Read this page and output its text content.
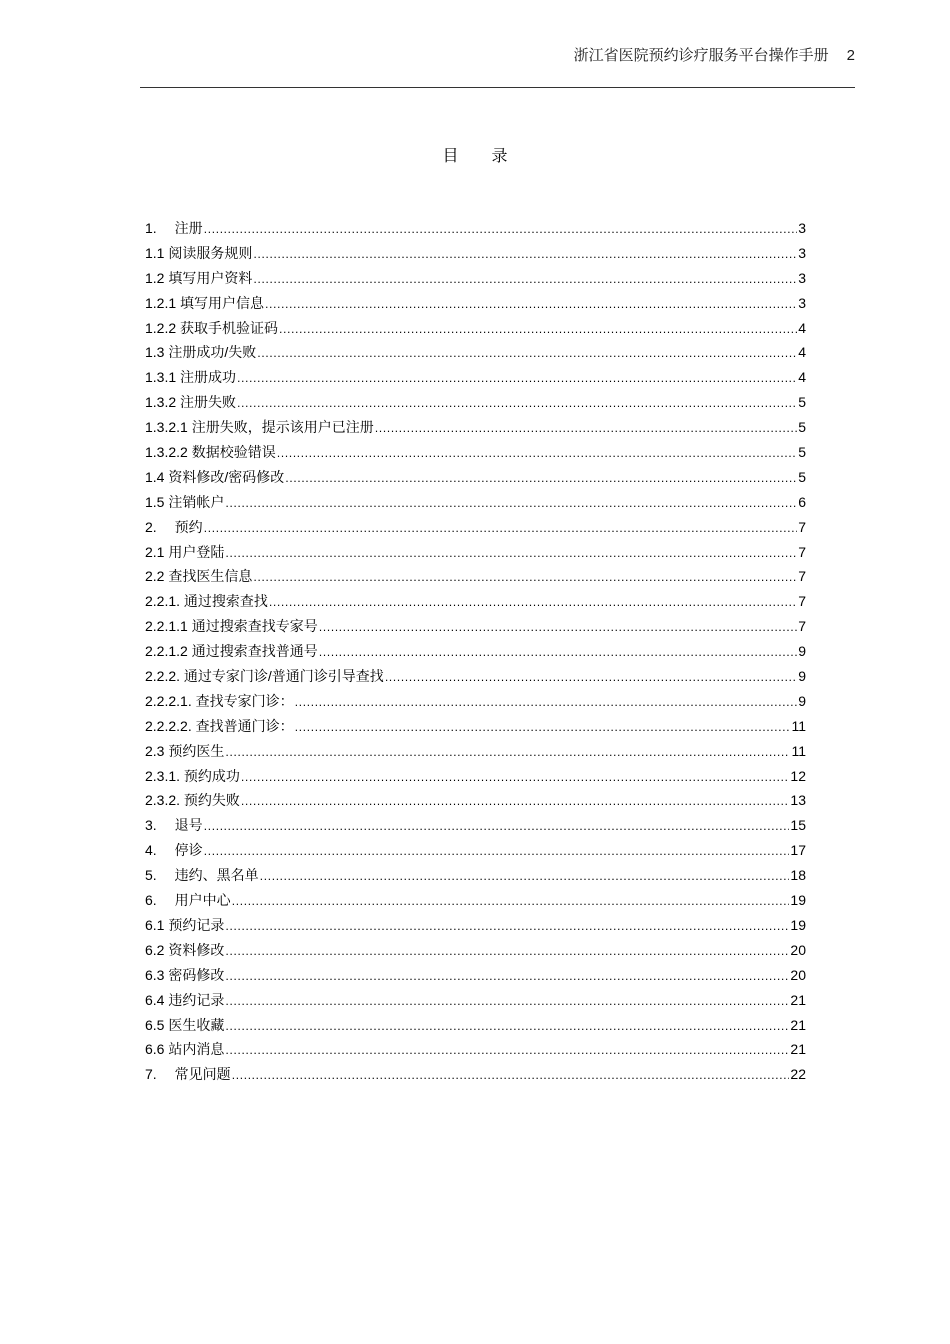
浙江省医院预约诊疗服务平台操作手册 2
目 录
1.　 注册 .....	3
1.1 阅读服务规则 .....	3
1.2 填写用户资料 .....	3
1.2.1 填写用户信息 .....	3
1.2.2 获取手机验证码 .....	4
1.3 注册成功/失败 .....	4
1.3.1 注册成功 .....	4
1.3.2 注册失败 .....	5
1.3.2.1 注册失败，提示该用户已注册 .....	5
1.3.2.2 数据校验错误 .....	5
1.4 资料修改/密码修改 .....	5
1.5 注销帐户 .....	6
2.　 预约 .....	7
2.1 用户登陆 .....	7
2.2 查找医生信息 .....	7
2.2.1. 通过搜索查找 .....	7
2.2.1.1 通过搜索查找专家号 .....	7
2.2.1.2 通过搜索查找普通号 .....	9
2.2.2. 通过专家门诊/普通门诊引导查找 .....	9
2.2.2.1. 查找专家门诊： .....	9
2.2.2.2. 查找普通门诊： .....	11
2.3 预约医生 .....	11
2.3.1. 预约成功 .....	12
2.3.2. 预约失败 .....	13
3.　 退号 .....	15
4.　 停诊 .....	17
5.　 违约、黑名单 .....	18
6.　 用户中心 .....	19
6.1 预约记录 .....	19
6.2 资料修改 .....	20
6.3 密码修改 .....	20
6.4 违约记录 .....	21
6.5 医生收藏 .....	21
6.6 站内消息 .....	21
7.　 常见问题 .....	22
